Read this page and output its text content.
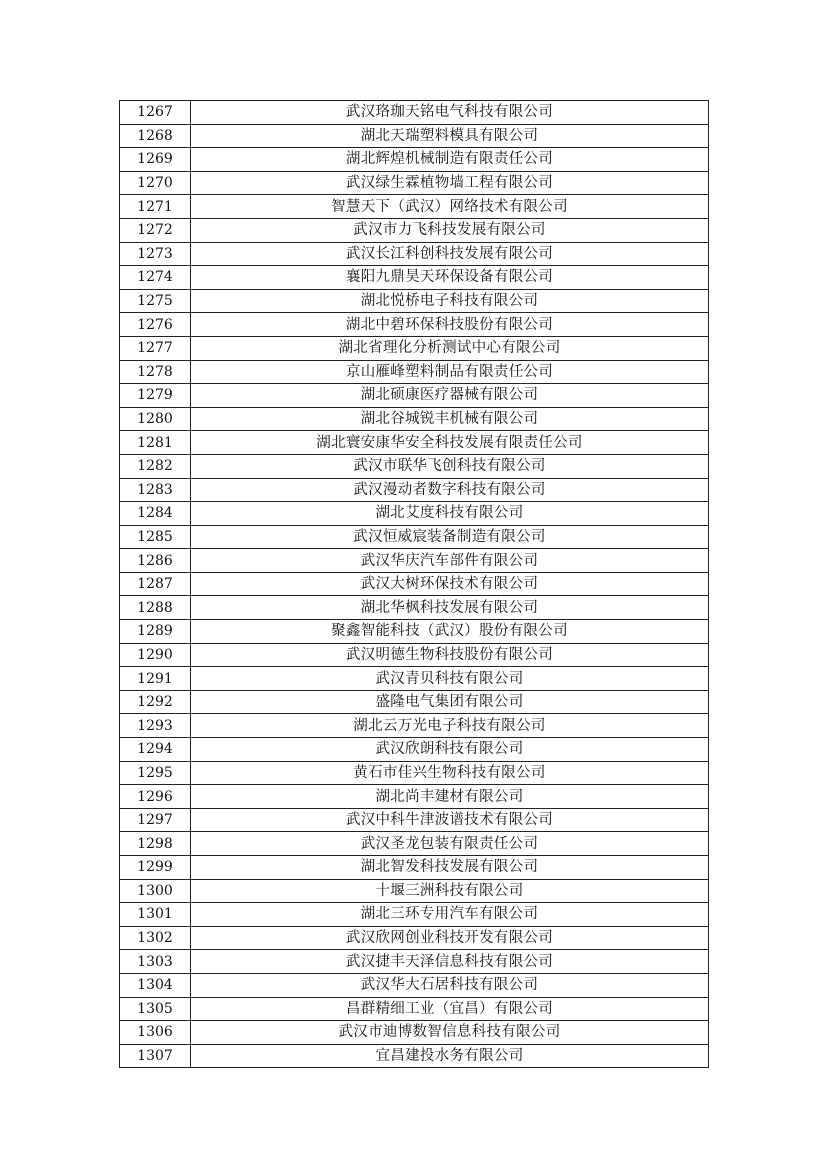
1267	武汉珞珈天铭电气科技有限公司
1268	湖北天瑞塑料模具有限公司
1269	湖北辉煌机械制造有限责任公司
1270	武汉绿生霖植物墙工程有限公司
1271	智慧天下（武汉）网络技术有限公司
1272	武汉市力飞科技发展有限公司
1273	武汉长江科创科技发展有限公司
1274	襄阳九鼎昊天环保设备有限公司
1275	湖北悦桥电子科技有限公司
1276	湖北中碧环保科技股份有限公司
1277	湖北省理化分析测试中心有限公司
1278	京山雁峰塑料制品有限责任公司
1279	湖北硕康医疗器械有限公司
1280	湖北谷城锐丰机械有限公司
1281	湖北寰安康华安全科技发展有限责任公司
1282	武汉市联华飞创科技有限公司
1283	武汉漫动者数字科技有限公司
1284	湖北艾度科技有限公司
1285	武汉恒威宸装备制造有限公司
1286	武汉华庆汽车部件有限公司
1287	武汉大树环保技术有限公司
1288	湖北华枫科技发展有限公司
1289	聚鑫智能科技（武汉）股份有限公司
1290	武汉明德生物科技股份有限公司
1291	武汉青贝科技有限公司
1292	盛隆电气集团有限公司
1293	湖北云万光电子科技有限公司
1294	武汉欣朗科技有限公司
1295	黄石市佳兴生物科技有限公司
1296	湖北尚丰建材有限公司
1297	武汉中科牛津波谱技术有限公司
1298	武汉圣龙包装有限责任公司
1299	湖北智发科技发展有限公司
1300	十堰三洲科技有限公司
1301	湖北三环专用汽车有限公司
1302	武汉欣网创业科技开发有限公司
1303	武汉捷丰天泽信息科技有限公司
1304	武汉华大石居科技有限公司
1305	昌群精细工业（宜昌）有限公司
1306	武汉市迪博数智信息科技有限公司
1307	宜昌建投水务有限公司
